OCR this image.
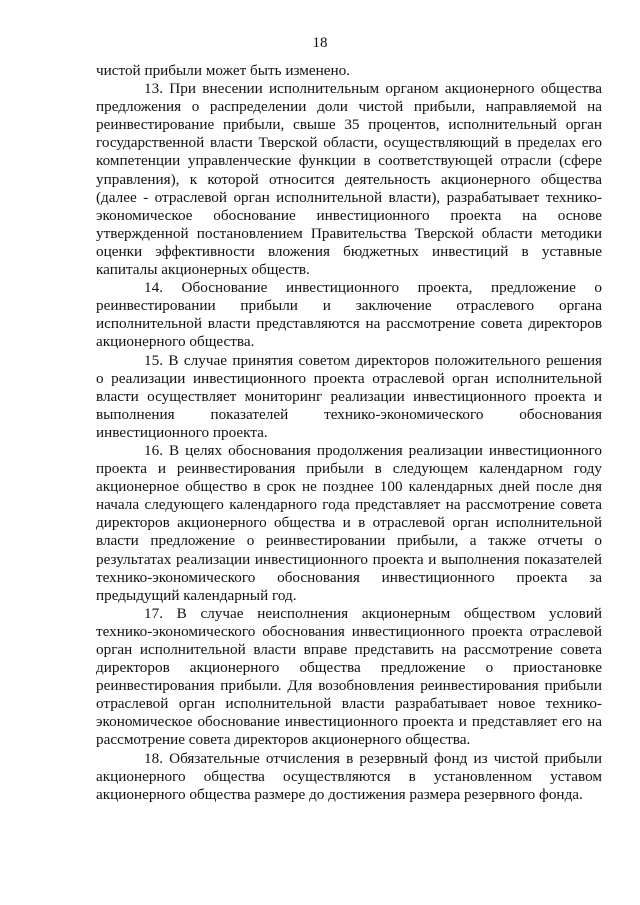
18

чистой прибыли может быть изменено.

13. При внесении исполнительным органом акционерного общества предложения о распределении доли чистой прибыли, направляемой на реинвестирование прибыли, свыше 35 процентов, исполнительный орган государственной власти Тверской области, осуществляющий в пределах его компетенции управленческие функции в соответствующей отрасли (сфере управления), к которой относится деятельность акционерного общества (далее - отраслевой орган исполнительной власти), разрабатывает технико-экономическое обоснование инвестиционного проекта на основе утвержденной постановлением Правительства Тверской области методики оценки эффективности вложения бюджетных инвестиций в уставные капиталы акционерных обществ.

14. Обоснование инвестиционного проекта, предложение о реинвестировании прибыли и заключение отраслевого органа исполнительной власти представляются на рассмотрение совета директоров акционерного общества.

15. В случае принятия советом директоров положительного решения о реализации инвестиционного проекта отраслевой орган исполнительной власти осуществляет мониторинг реализации инвестиционного проекта и выполнения показателей технико-экономического обоснования инвестиционного проекта.

16. В целях обоснования продолжения реализации инвестиционного проекта и реинвестирования прибыли в следующем календарном году акционерное общество в срок не позднее 100 календарных дней после дня начала следующего календарного года представляет на рассмотрение совета директоров акционерного общества и в отраслевой орган исполнительной власти предложение о реинвестировании прибыли, а также отчеты о результатах реализации инвестиционного проекта и выполнения показателей технико-экономического обоснования инвестиционного проекта за предыдущий календарный год.

17. В случае неисполнения акционерным обществом условий технико-экономического обоснования инвестиционного проекта отраслевой орган исполнительной власти вправе представить на рассмотрение совета директоров акционерного общества предложение о приостановке реинвестирования прибыли. Для возобновления реинвестирования прибыли отраслевой орган исполнительной власти разрабатывает новое технико-экономическое обоснование инвестиционного проекта и представляет его на рассмотрение совета директоров акционерного общества.

18. Обязательные отчисления в резервный фонд из чистой прибыли акционерного общества осуществляются в установленном уставом акционерного общества размере до достижения размера резервного фонда.
